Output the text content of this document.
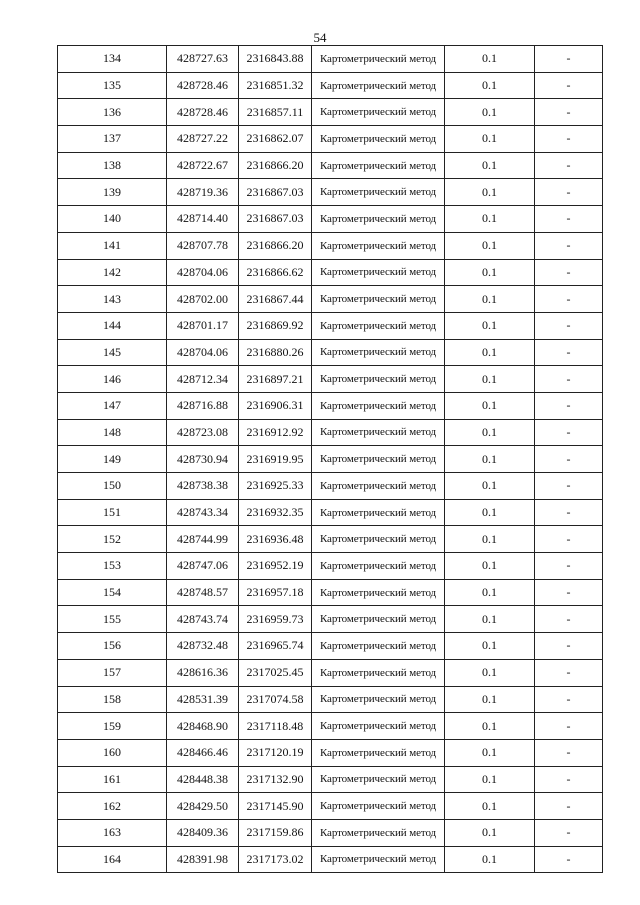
54
134	428727.63	2316843.88	Картометрический метод	0.1	-
135	428728.46	2316851.32	Картометрический метод	0.1	-
136	428728.46	2316857.11	Картометрический метод	0.1	-
137	428727.22	2316862.07	Картометрический метод	0.1	-
138	428722.67	2316866.20	Картометрический метод	0.1	-
139	428719.36	2316867.03	Картометрический метод	0.1	-
140	428714.40	2316867.03	Картометрический метод	0.1	-
141	428707.78	2316866.20	Картометрический метод	0.1	-
142	428704.06	2316866.62	Картометрический метод	0.1	-
143	428702.00	2316867.44	Картометрический метод	0.1	-
144	428701.17	2316869.92	Картометрический метод	0.1	-
145	428704.06	2316880.26	Картометрический метод	0.1	-
146	428712.34	2316897.21	Картометрический метод	0.1	-
147	428716.88	2316906.31	Картометрический метод	0.1	-
148	428723.08	2316912.92	Картометрический метод	0.1	-
149	428730.94	2316919.95	Картометрический метод	0.1	-
150	428738.38	2316925.33	Картометрический метод	0.1	-
151	428743.34	2316932.35	Картометрический метод	0.1	-
152	428744.99	2316936.48	Картометрический метод	0.1	-
153	428747.06	2316952.19	Картометрический метод	0.1	-
154	428748.57	2316957.18	Картометрический метод	0.1	-
155	428743.74	2316959.73	Картометрический метод	0.1	-
156	428732.48	2316965.74	Картометрический метод	0.1	-
157	428616.36	2317025.45	Картометрический метод	0.1	-
158	428531.39	2317074.58	Картометрический метод	0.1	-
159	428468.90	2317118.48	Картометрический метод	0.1	-
160	428466.46	2317120.19	Картометрический метод	0.1	-
161	428448.38	2317132.90	Картометрический метод	0.1	-
162	428429.50	2317145.90	Картометрический метод	0.1	-
163	428409.36	2317159.86	Картометрический метод	0.1	-
164	428391.98	2317173.02	Картометрический метод	0.1	-
